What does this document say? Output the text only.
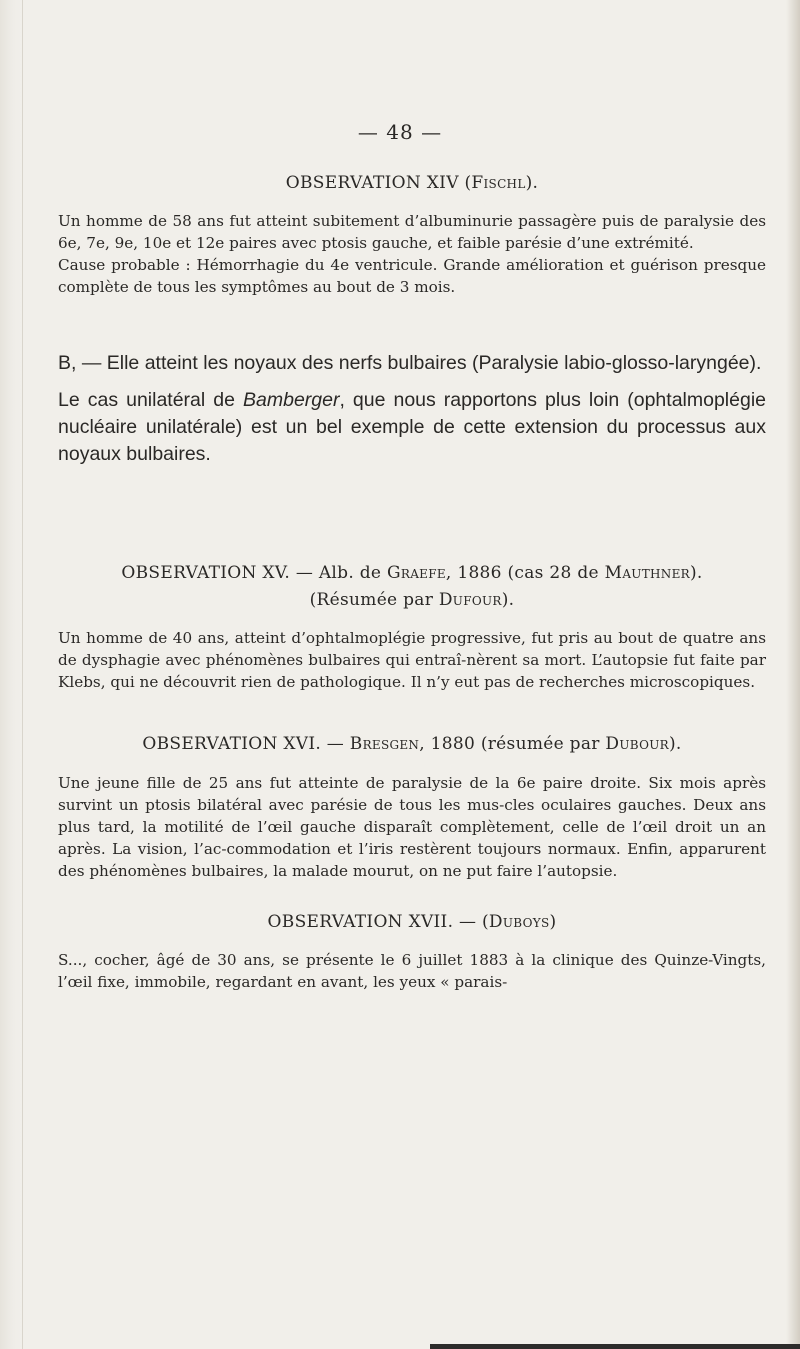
— 48 —
OBSERVATION XIV (Fischl).

Un homme de 58 ans fut atteint subitement d’albuminurie passagère puis de paralysie des 6e, 7e, 9e, 10e et 12e paires avec ptosis gauche, et faible parésie d’une extrémité.

Cause probable : Hémorrhagie du 4e ventricule. Grande amélioration et guérison presque complète de tous les symptômes au bout de 3 mois.

B, — Elle atteint les noyaux des nerfs bulbaires (Paralysie labio-glosso-laryngée).

Le cas unilatéral de Bamberger, que nous rapportons plus loin (ophtalmoplégie nucléaire unilatérale) est un bel exemple de cette extension du processus aux noyaux bulbaires.

OBSERVATION XV. — Alb. de Graefe, 1886 (cas 28 de Mauthner).
(Résumée par Dufour).

Un homme de 40 ans, atteint d’ophtalmoplégie progressive, fut pris au bout de quatre ans de dysphagie avec phénomènes bulbaires qui entraî-nèrent sa mort. L’autopsie fut faite par Klebs, qui ne découvrit rien de pathologique. Il n’y eut pas de recherches microscopiques.

OBSERVATION XVI. — Bresgen, 1880 (résumée par Dubour).

Une jeune fille de 25 ans fut atteinte de paralysie de la 6e paire droite. Six mois après survint un ptosis bilatéral avec parésie de tous les mus-cles oculaires gauches. Deux ans plus tard, la motilité de l’œil gauche disparaît complètement, celle de l’œil droit un an après. La vision, l’ac-commodation et l’iris restèrent toujours normaux. Enfin, apparurent des phénomènes bulbaires, la malade mourut, on ne put faire l’autopsie.

OBSERVATION XVII. — (Duboys)

S..., cocher, âgé de 30 ans, se présente le 6 juillet 1883 à la clinique des Quinze-Vingts, l’œil fixe, immobile, regardant en avant, les yeux « parais-
